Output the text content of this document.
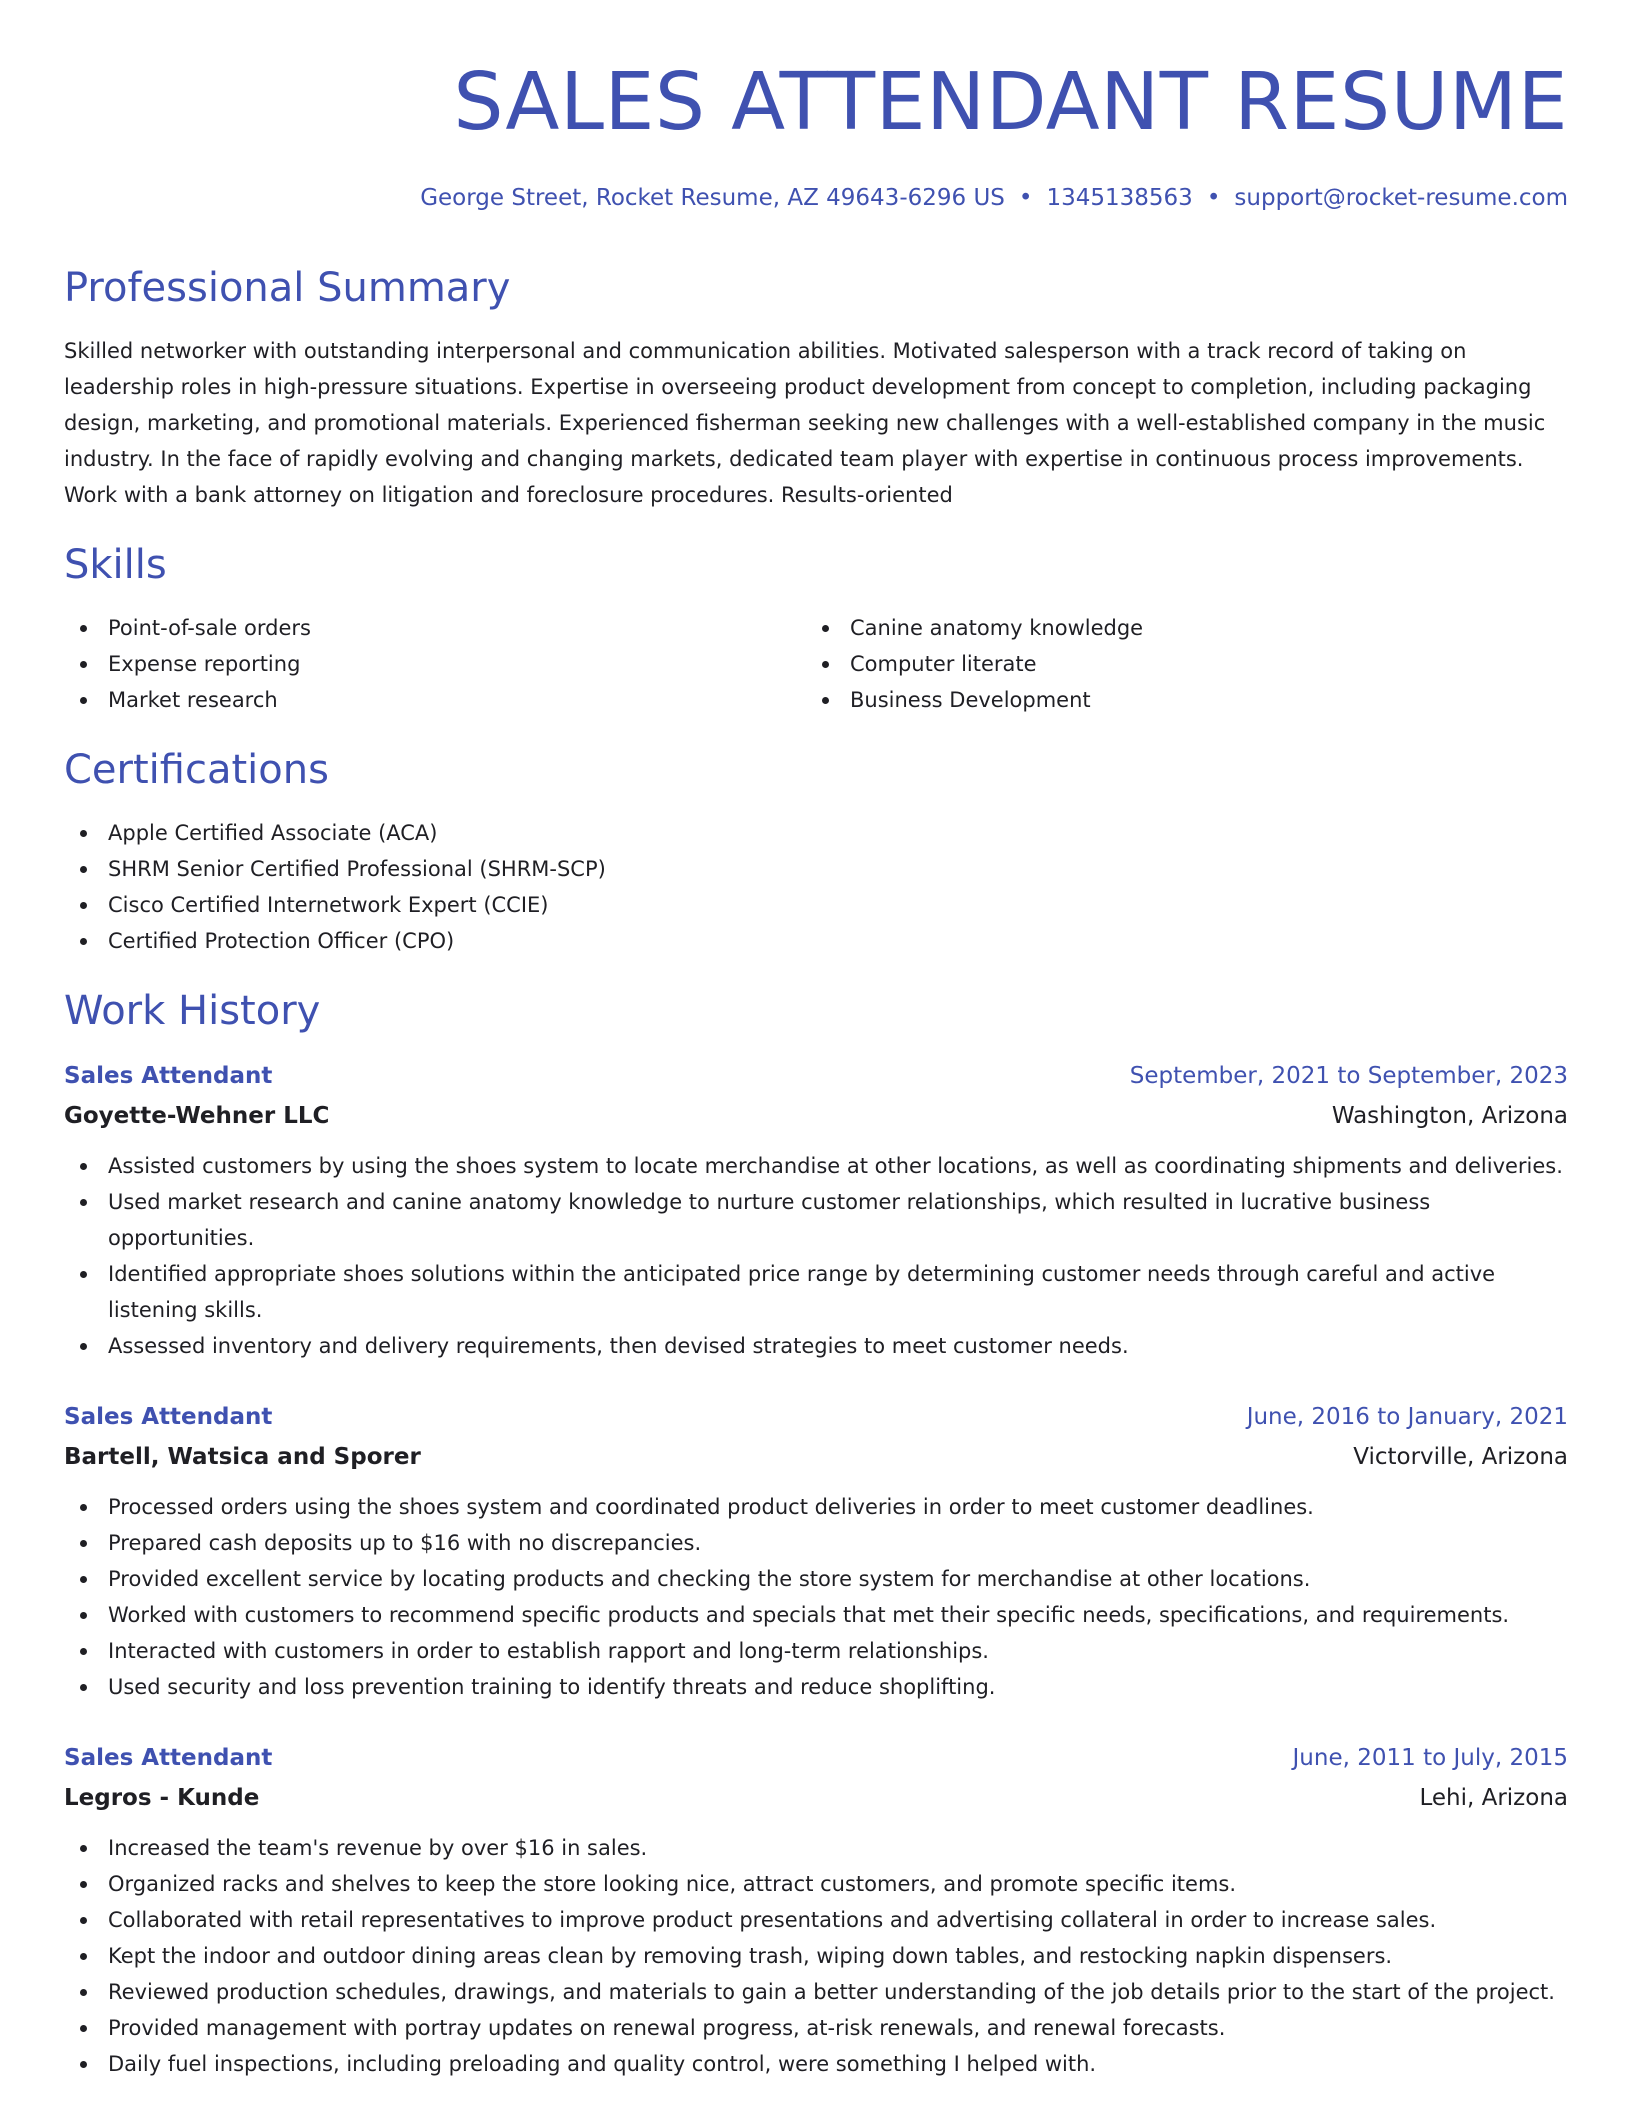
SALES ATTENDANT RESUME
George Street, Rocket Resume, AZ 49643-6296 US • 1345138563 • support@rocket-resume.com
Professional Summary

Skilled networker with outstanding interpersonal and communication abilities. Motivated salesperson with a track record of taking on leadership roles in high-pressure situations. Expertise in overseeing product development from concept to completion, including packaging design, marketing, and promotional materials. Experienced fisherman seeking new challenges with a well-established company in the music industry. In the face of rapidly evolving and changing markets, dedicated team player with expertise in continuous process improvements. Work with a bank attorney on litigation and foreclosure procedures. Results-oriented

Skills
Point-of-sale orders
Expense reporting
Market research
Canine anatomy knowledge
Computer literate
Business Development
Certifications
Apple Certified Associate (ACA)
SHRM Senior Certified Professional (SHRM-SCP)
Cisco Certified Internetwork Expert (CCIE)
Certified Protection Officer (CPO)
Work History
Sales Attendant	September, 2021 to September, 2023
Goyette-Wehner LLC	Washington, Arizona
Assisted customers by using the shoes system to locate merchandise at other locations, as well as coordinating shipments and deliveries.
Used market research and canine anatomy knowledge to nurture customer relationships, which resulted in lucrative business opportunities.
Identified appropriate shoes solutions within the anticipated price range by determining customer needs through careful and active listening skills.
Assessed inventory and delivery requirements, then devised strategies to meet customer needs.
Sales Attendant	June, 2016 to January, 2021
Bartell, Watsica and Sporer	Victorville, Arizona
Processed orders using the shoes system and coordinated product deliveries in order to meet customer deadlines.
Prepared cash deposits up to $16 with no discrepancies.
Provided excellent service by locating products and checking the store system for merchandise at other locations.
Worked with customers to recommend specific products and specials that met their specific needs, specifications, and requirements.
Interacted with customers in order to establish rapport and long-term relationships.
Used security and loss prevention training to identify threats and reduce shoplifting.
Sales Attendant	June, 2011 to July, 2015
Legros - Kunde	Lehi, Arizona
Increased the team's revenue by over $16 in sales.
Organized racks and shelves to keep the store looking nice, attract customers, and promote specific items.
Collaborated with retail representatives to improve product presentations and advertising collateral in order to increase sales.
Kept the indoor and outdoor dining areas clean by removing trash, wiping down tables, and restocking napkin dispensers.
Reviewed production schedules, drawings, and materials to gain a better understanding of the job details prior to the start of the project.
Provided management with portray updates on renewal progress, at-risk renewals, and renewal forecasts.
Daily fuel inspections, including preloading and quality control, were something I helped with.
